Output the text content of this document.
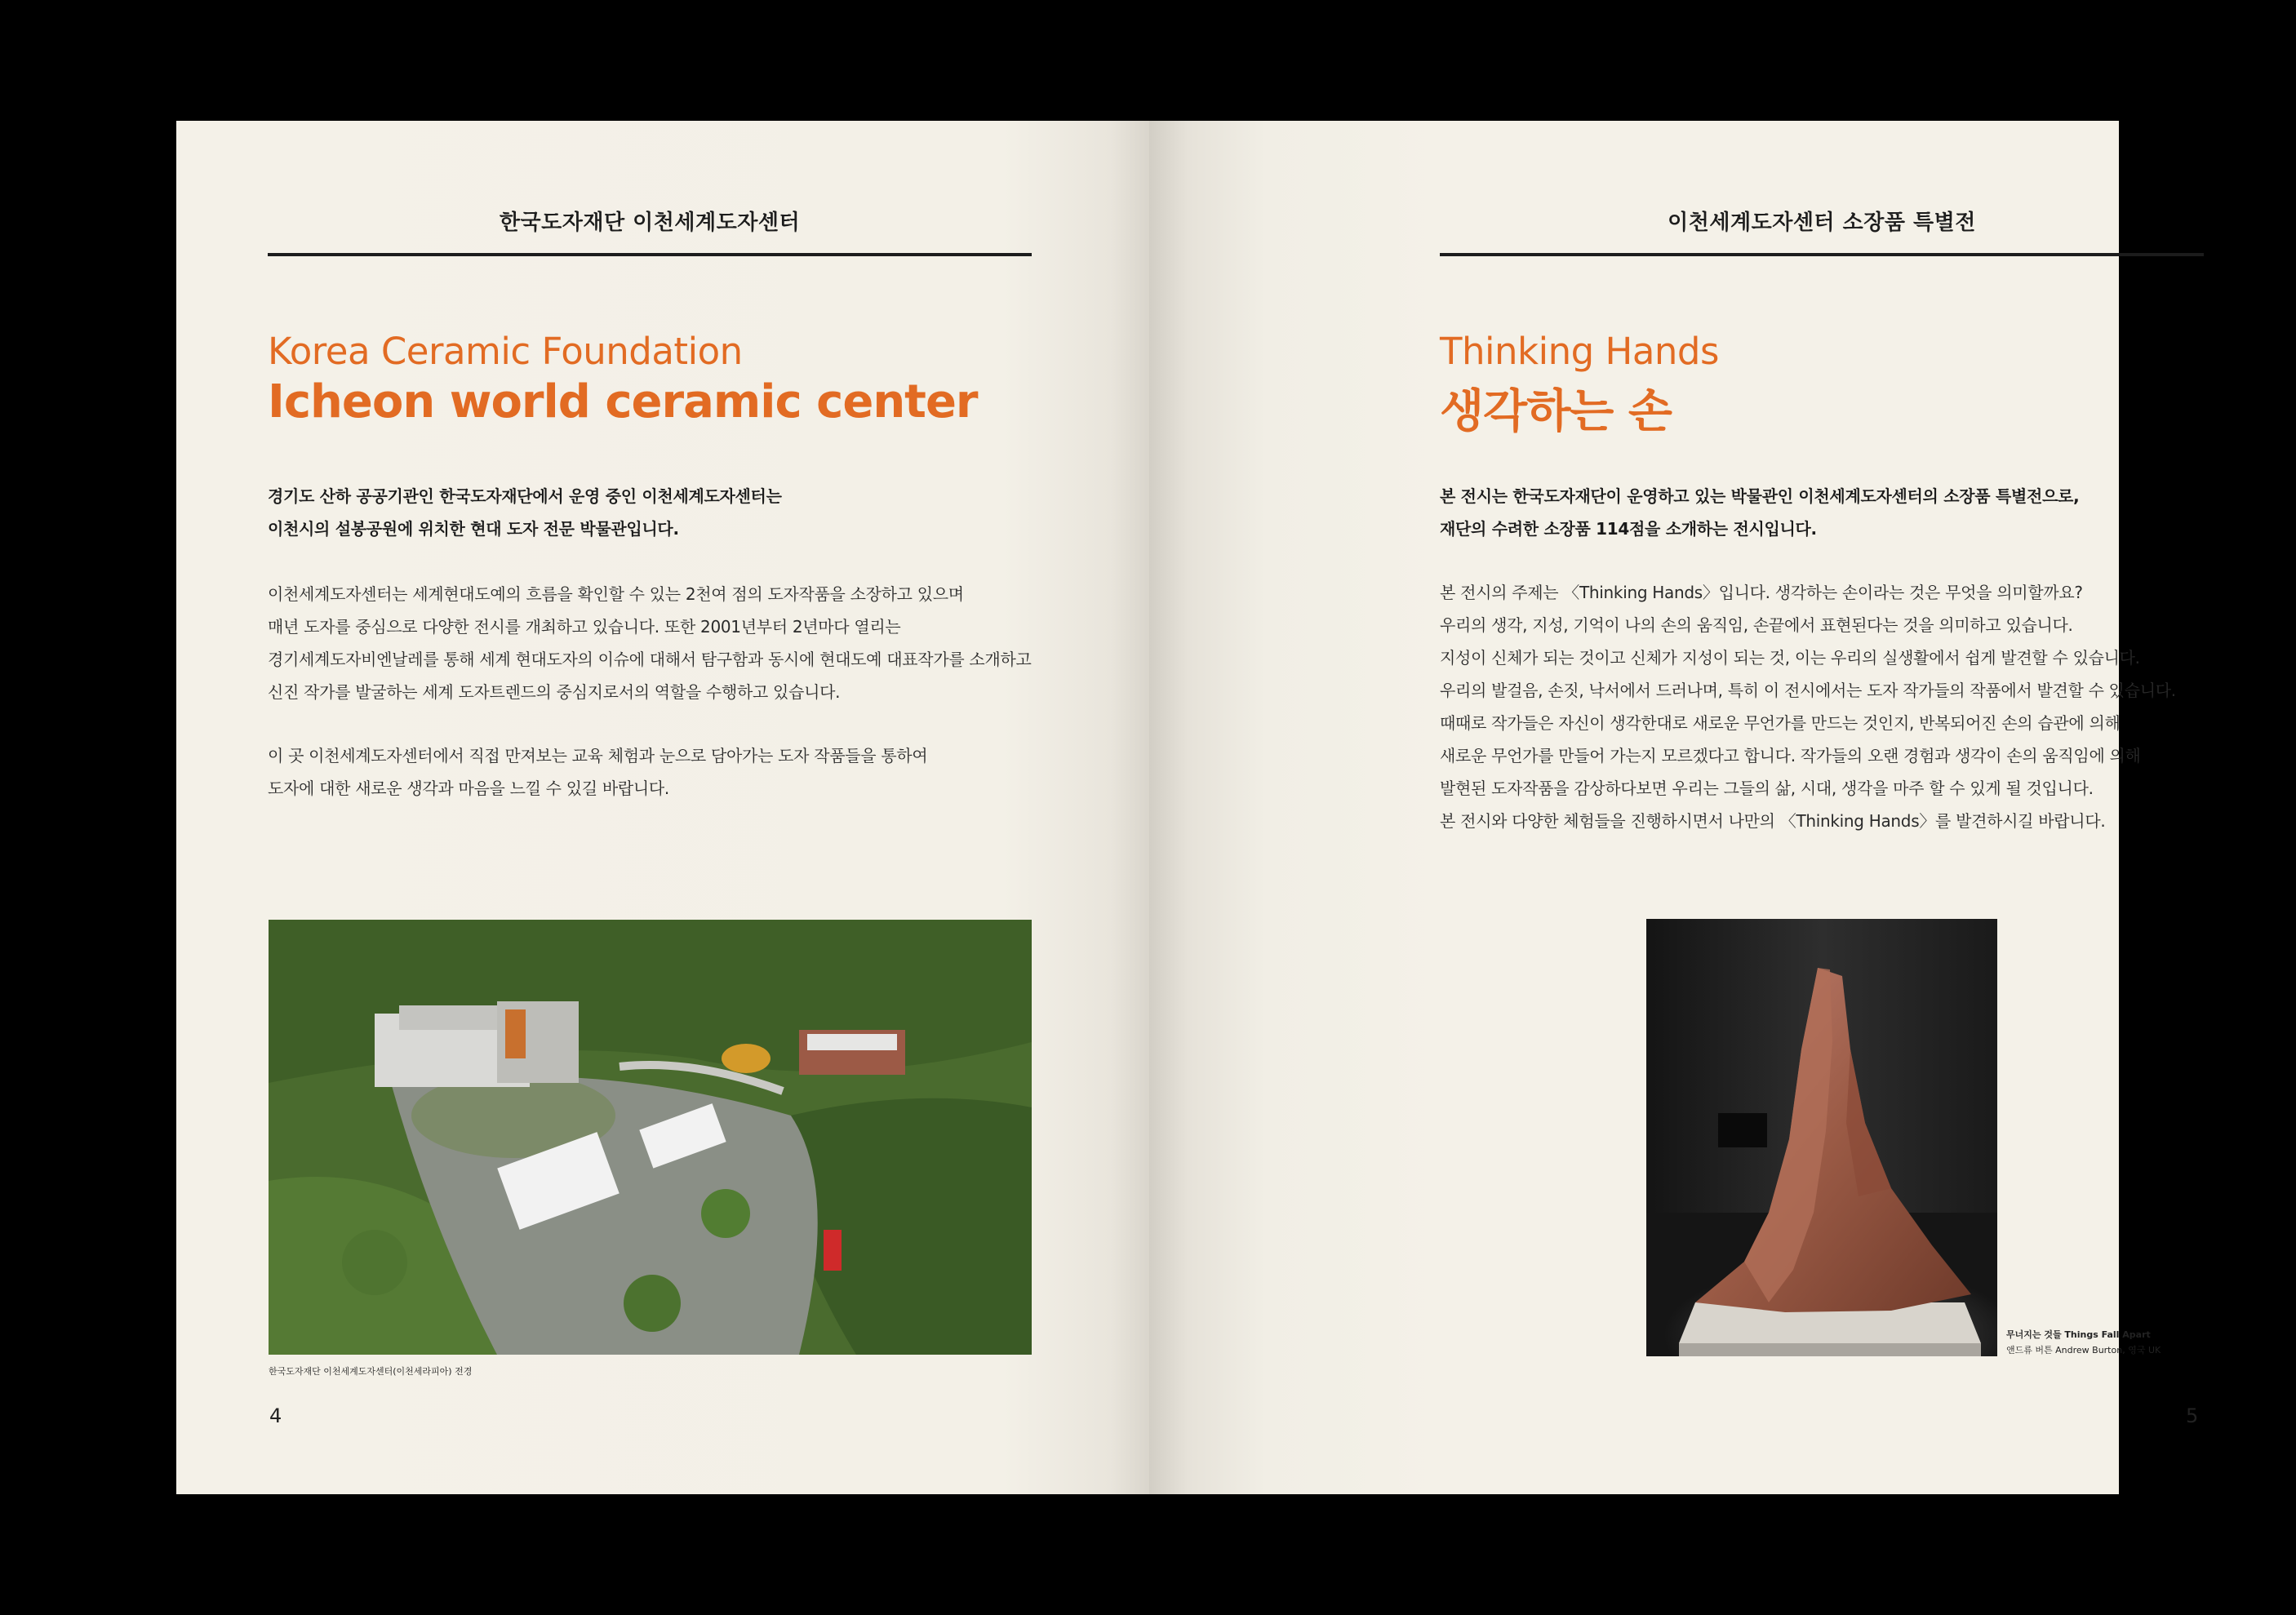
한국도자재단 이천세계도자센터
Korea Ceramic Foundation
Icheon world ceramic center

경기도 산하 공공기관인 한국도자재단에서 운영 중인 이천세계도자센터는

이천시의 설봉공원에 위치한 현대 도자 전문 박물관입니다.

이천세계도자센터는 세계현대도예의 흐름을 확인할 수 있는 2천여 점의 도자작품을 소장하고 있으며

매년 도자를 중심으로 다양한 전시를 개최하고 있습니다. 또한 2001년부터 2년마다 열리는

경기세계도자비엔날레를 통해 세계 현대도자의 이슈에 대해서 탐구함과 동시에 현대도예 대표작가를 소개하고

신진 작가를 발굴하는 세계 도자트렌드의 중심지로서의 역할을 수행하고 있습니다.

이 곳 이천세계도자센터에서 직접 만져보는 교육 체험과 눈으로 담아가는 도자 작품들을 통하여

도자에 대한 새로운 생각과 마음을 느낄 수 있길 바랍니다.

한국도자재단 이천세계도자센터(이천세라피아) 전경
4
이천세계도자센터 소장품 특별전
Thinking Hands
생각하는 손

본 전시는 한국도자재단이 운영하고 있는 박물관인 이천세계도자센터의 소장품 특별전으로,

재단의 수려한 소장품 114점을 소개하는 전시입니다.

본 전시의 주제는 〈Thinking Hands〉입니다. 생각하는 손이라는 것은 무엇을 의미할까요?

우리의 생각, 지성, 기억이 나의 손의 움직임, 손끝에서 표현된다는 것을 의미하고 있습니다.

지성이 신체가 되는 것이고 신체가 지성이 되는 것, 이는 우리의 실생활에서 쉽게 발견할 수 있습니다.

우리의 발걸음, 손짓, 낙서에서 드러나며, 특히 이 전시에서는 도자 작가들의 작품에서 발견할 수 있습니다.

때때로 작가들은 자신이 생각한대로 새로운 무언가를 만드는 것인지, 반복되어진 손의 습관에 의해

새로운 무언가를 만들어 가는지 모르겠다고 합니다. 작가들의 오랜 경험과 생각이 손의 움직임에 의해

발현된 도자작품을 감상하다보면 우리는 그들의 삶, 시대, 생각을 마주 할 수 있게 될 것입니다.

본 전시와 다양한 체험들을 진행하시면서 나만의 〈Thinking Hands〉를 발견하시길 바랍니다.

무너지는 것들 Things Fall Apart
앤드류 버튼 Andrew Burton, 영국 UK
5
